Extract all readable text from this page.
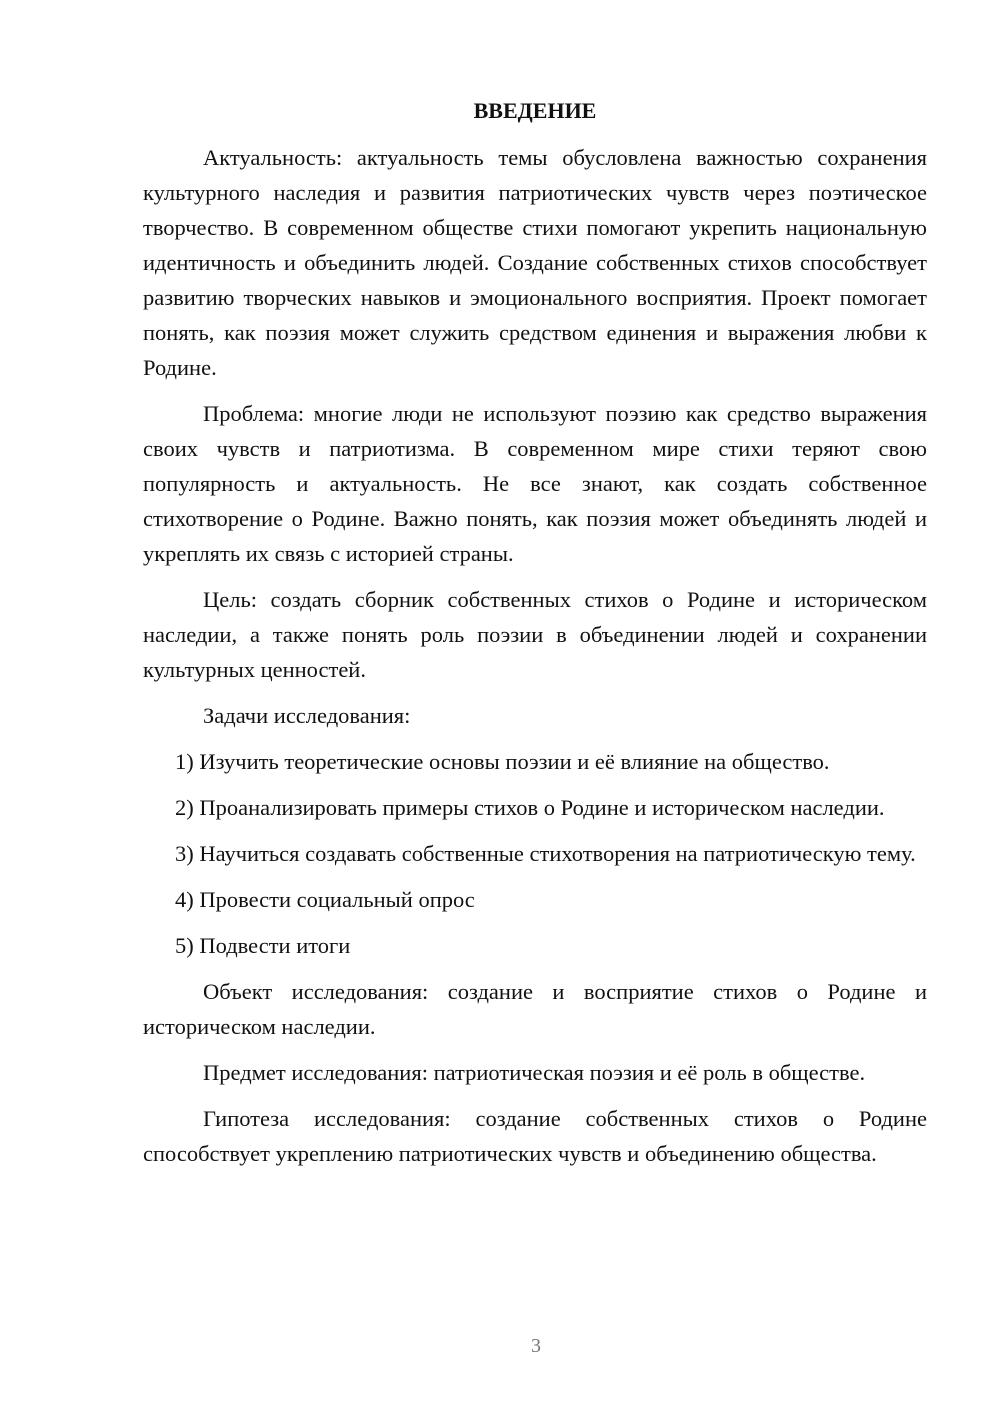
ВВЕДЕНИЕ

Актуальность: актуальность темы обусловлена важностью сохранения культурного наследия и развития патриотических чувств через поэтическое творчество. В современном обществе стихи помогают укрепить национальную идентичность и объединить людей. Создание собственных стихов способствует развитию творческих навыков и эмоционального восприятия. Проект помогает понять, как поэзия может служить средством единения и выражения любви к Родине.

Проблема: многие люди не используют поэзию как средство выражения своих чувств и патриотизма. В современном мире стихи теряют свою популярность и актуальность. Не все знают, как создать собственное стихотворение о Родине. Важно понять, как поэзия может объединять людей и укреплять их связь с историей страны.

Цель: создать сборник собственных стихов о Родине и историческом наследии, а также понять роль поэзии в объединении людей и сохранении культурных ценностей.

Задачи исследования:

1) Изучить теоретические основы поэзии и её влияние на общество.

2) Проанализировать примеры стихов о Родине и историческом наследии.

3) Научиться создавать собственные стихотворения на патриотическую тему.

4) Провести социальный опрос

5) Подвести итоги

Объект исследования: создание и восприятие стихов о Родине и историческом наследии.

Предмет исследования: патриотическая поэзия и её роль в обществе.

Гипотеза исследования: создание собственных стихов о Родине способствует укреплению патриотических чувств и объединению общества.

3
